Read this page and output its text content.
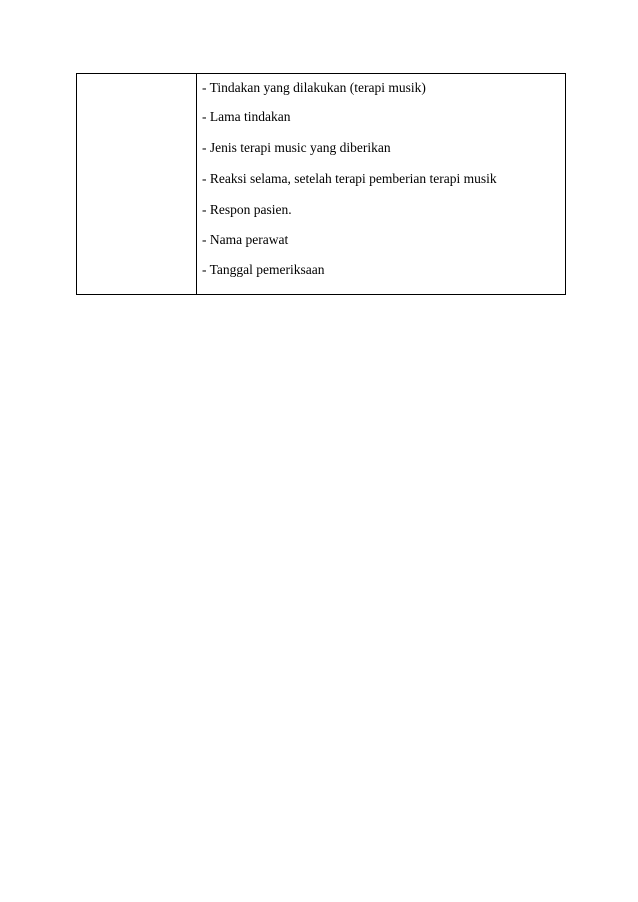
- Tindakan yang dilakukan (terapi musik)
- Lama tindakan
- Jenis terapi music yang diberikan
- Reaksi selama, setelah terapi pemberian terapi musik
- Respon pasien.
- Nama perawat
- Tanggal pemeriksaan
